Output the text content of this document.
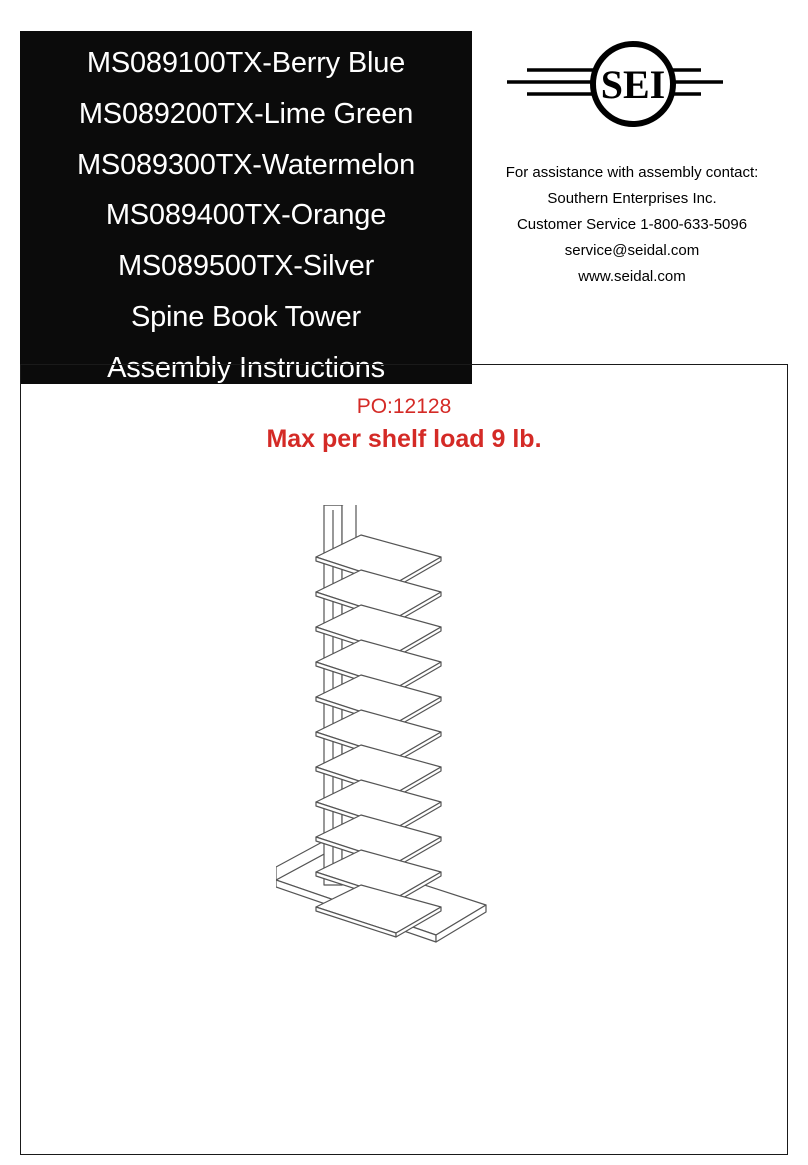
MS089100TX-Berry Blue
MS089200TX-Lime Green
MS089300TX-Watermelon
MS089400TX-Orange
MS089500TX-Silver
Spine Book Tower
Assembly Instructions
SEI
For assistance with assembly contact:
Southern Enterprises Inc.
Customer Service 1-800-633-5096
service@seidal.com
www.seidal.com
PO:12128
Max per shelf load 9 lb.
